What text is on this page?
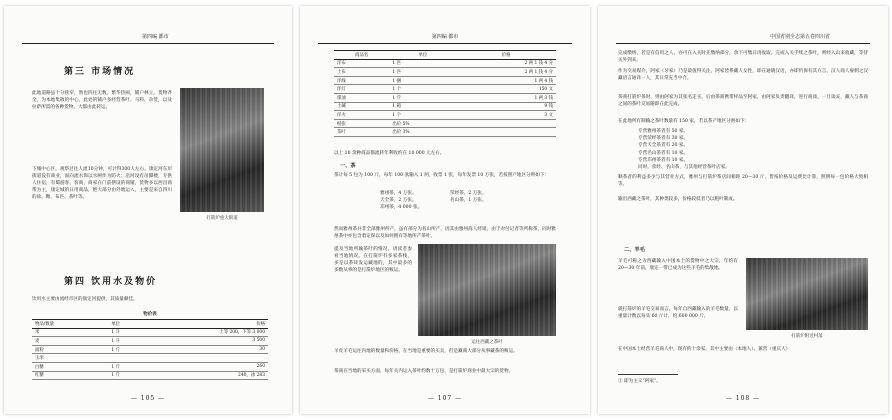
第四编 都市
第三 市场情况
此地道路虽十分狭窄，然也四往无数，繁华热闹，铺户林立，货物齐全，为本地集散的中心，此处的铺户多经营茶叶、马料、杂货，以及拉萨所需的各种货物，大都由此转运。
下城中心区，观察过往人流10分钟，可计得300人左右。康定河东岸街道没有商业，面向流水饰以水闸作为防火；沿河设有吊脚楼，专供人住宿，有蜀游客、客商，商家在门前摆设的商铺，货物多以西昌商帮为主，康定城的日用商品，绝大部分由外地运入，主要是来自四川的盐、糖、布匹、茶叶等。
打箭炉重大街道
第四 饮用水及物价
饮用水主要由流经市区的康定河提供，其质量颇佳。
物价表
物品/数量	单位	价格
米	1 斗	上等 200，下等 3 000
麦	1 斗	3 500
面粉	1 斤	30
玉米		
白糖	1 斤	260
红糖	1 斤	240，冰 283
— 105 —
第四编 都市
商品名	单位	价格
洋布	1 匹	2 两 1 钱 4 分
土布	1 匹	2 两 1 钱 4 分
洋线	1 捆	1 两 4 钱
洋灯	1 个	150 文
煤油	1 斤	1 两 3 钱
土碱	1 箱	9 钱
洋火	1 个	3 文
纸张	出价 5%	
茶叶	出价 3%	
以上 10 余种商品都流转年利收约在 10 000 元左右。
一、茶
茶计每 5 包为 100 斤，每年 100 驮输入 1 两，收票 1 张，每年发票 10 万张，若按照产地区分则如下：
雅州茶，4 万张。
天全茶，2 万张。
邛州茶，4 000 张。
荥经茶，2 万张。
名山茶，1 万张。
然而雅州茶并非全部雅州所产，虽有部分为名山所产，因其由雅州商人经销，由于对付记者等所称茶，同时雅州茶中亦包含着定保以及如何拥有等地所产茶叶。
提及当地所输茶叶的情况，请读者参看当地情况。在打箭炉有多家茶栈，多是以茶砖发运藏地的，其中最多的多数从事的是打箭炉地区的贩运。
运往西藏之茶叶
羊皮羊毛运往内地的数量和价格，在当地是重要的买卖，但是藏商大部分从事藏茶的贩运。
茶商在当地的采买方面，每年关内运入茶叶约数十万包，是打箭炉商业中最大宗的货物。
— 107 —
中国省别全志第五卷四川省
完成缴纳，若是有信用之人，亦可在入关时先缴纳部分，余下可缴日再收取。完成入关手续之茶叶，则经入山来收藏，等待关外到来。
作为交易媒介，阿家（牙家）乃是最值得关注。阿家皆系藏人女性，即在通晓汉语，亦即仍保有其方言、汉人商人雇佣之汉藏语言通译一人，其日常充当中介。
茶商打箭炉茶时，则由阿家为其张名走买。后由茶商携带样品至阿家，由阿家负责翻译，进行商谈。一旦谈妥，藏人与茶商之间的茶叶交易随即在此完成。
在此地所有制输之茶叶数量有 150 家，若以茶产地区分则如下：
专营雅州茶者有 50 家。
专营荥经茶者有 30 家。
专营天全茶者有 20 家。
专营名山茶者有 10 家。
专营邛州茶者有 10 家。
同时，荥经、名山茶，与其他经营茶叶店家。
顺茶者的利益多少与其营业方式，雅州与打箭炉茶店间相距 20—30 斤，皆按价格及运费比计算，照例每一包价格大致相等。
输出西藏之茶叶，其种类较多，价格较低者乃以粗叶制成。
二、羊毛
羊毛可称之为西藏输入中国本土的货物中之大宗，年约有 20—30 年前，康定一带已成为这些羊毛的集散地。
打箭炉附近村落
就打箭炉的羊毛交易而言，每年自西藏输入的羊毛数量，以重量计数以每头 60 斤计，约 600 000 斤。
在中国本土经营羊毛商人中，现有约十余家，其中主要由（本地人）、兼营（重庆人）
① 即为主义“阿家”。
— 108 —
